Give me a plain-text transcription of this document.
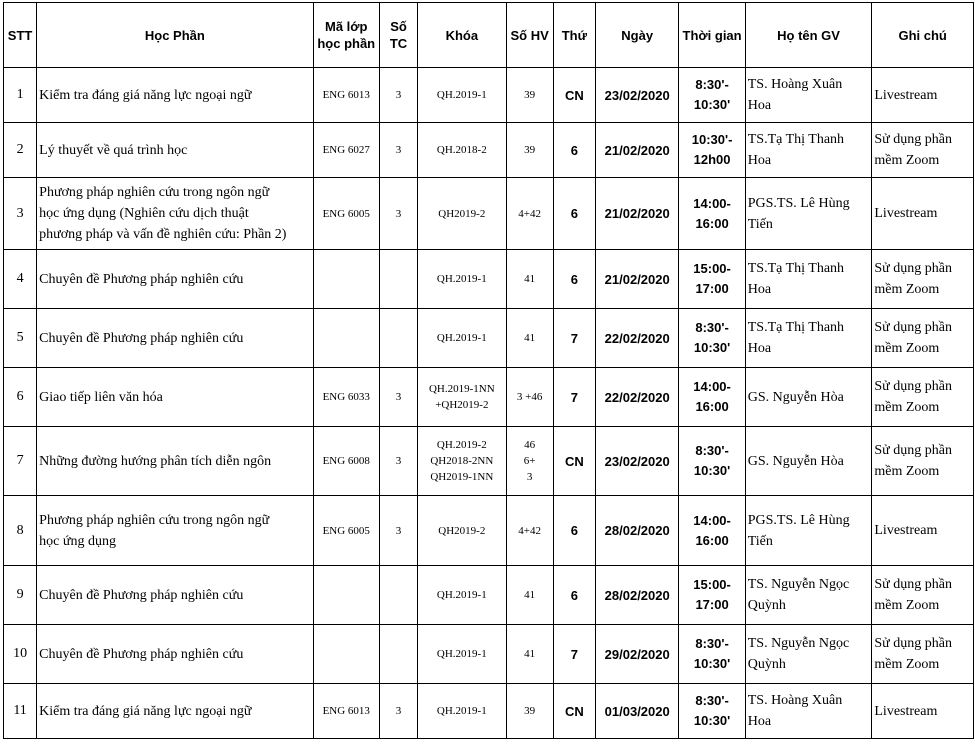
STT	Học Phần	Mã lớp
học phần	Số
TC	Khóa	Số HV	Thứ	Ngày	Thời gian	Họ tên GV	Ghi chú
1	Kiểm tra đáng giá năng lực ngoại ngữ	ENG 6013	3	QH.2019-1	39	CN	23/02/2020	8:30'-
10:30'	TS. Hoàng Xuân
Hoa	Livestream
2	Lý thuyết về quá trình học	ENG 6027	3	QH.2018-2	39	6	21/02/2020	10:30'-
12h00	TS.Tạ Thị Thanh
Hoa	Sử dụng phần
mềm Zoom
3	Phương pháp nghiên cứu trong ngôn ngữ
học ứng dụng (Nghiên cứu dịch thuật
phương pháp và vấn đề nghiên cứu: Phần 2)	ENG 6005	3	QH2019-2	4+42	6	21/02/2020	14:00-
16:00	PGS.TS. Lê Hùng
Tiến	Livestream
4	Chuyên đề Phương pháp nghiên cứu			QH.2019-1	41	6	21/02/2020	15:00-
17:00	TS.Tạ Thị Thanh
Hoa	Sử dụng phần
mềm Zoom
5	Chuyên đề Phương pháp nghiên cứu			QH.2019-1	41	7	22/02/2020	8:30'-
10:30'	TS.Tạ Thị Thanh
Hoa	Sử dụng phần
mềm Zoom
6	Giao tiếp liên văn hóa	ENG 6033	3	QH.2019-1NN
+QH2019-2	3 +46	7	22/02/2020	14:00-
16:00	GS. Nguyễn Hòa	Sử dụng phần
mềm Zoom
7	Những đường hướng phân tích diễn ngôn	ENG 6008	3	QH.2019-2
QH2018-2NN
QH2019-1NN	46
6+
3	CN	23/02/2020	8:30'-
10:30'	GS. Nguyễn Hòa	Sử dụng phần
mềm Zoom
8	Phương pháp nghiên cứu trong ngôn ngữ
học ứng dụng	ENG 6005	3	QH2019-2	4+42	6	28/02/2020	14:00-
16:00	PGS.TS. Lê Hùng
Tiến	Livestream
9	Chuyên đề Phương pháp nghiên cứu			QH.2019-1	41	6	28/02/2020	15:00-
17:00	TS. Nguyễn Ngọc
Quỳnh	Sử dụng phần
mềm Zoom
10	Chuyên đề Phương pháp nghiên cứu			QH.2019-1	41	7	29/02/2020	8:30'-
10:30'	TS. Nguyễn Ngọc
Quỳnh	Sử dụng phần
mềm Zoom
11	Kiểm tra đáng giá năng lực ngoại ngữ	ENG 6013	3	QH.2019-1	39	CN	01/03/2020	8:30'-
10:30'	TS. Hoàng Xuân
Hoa	Livestream
